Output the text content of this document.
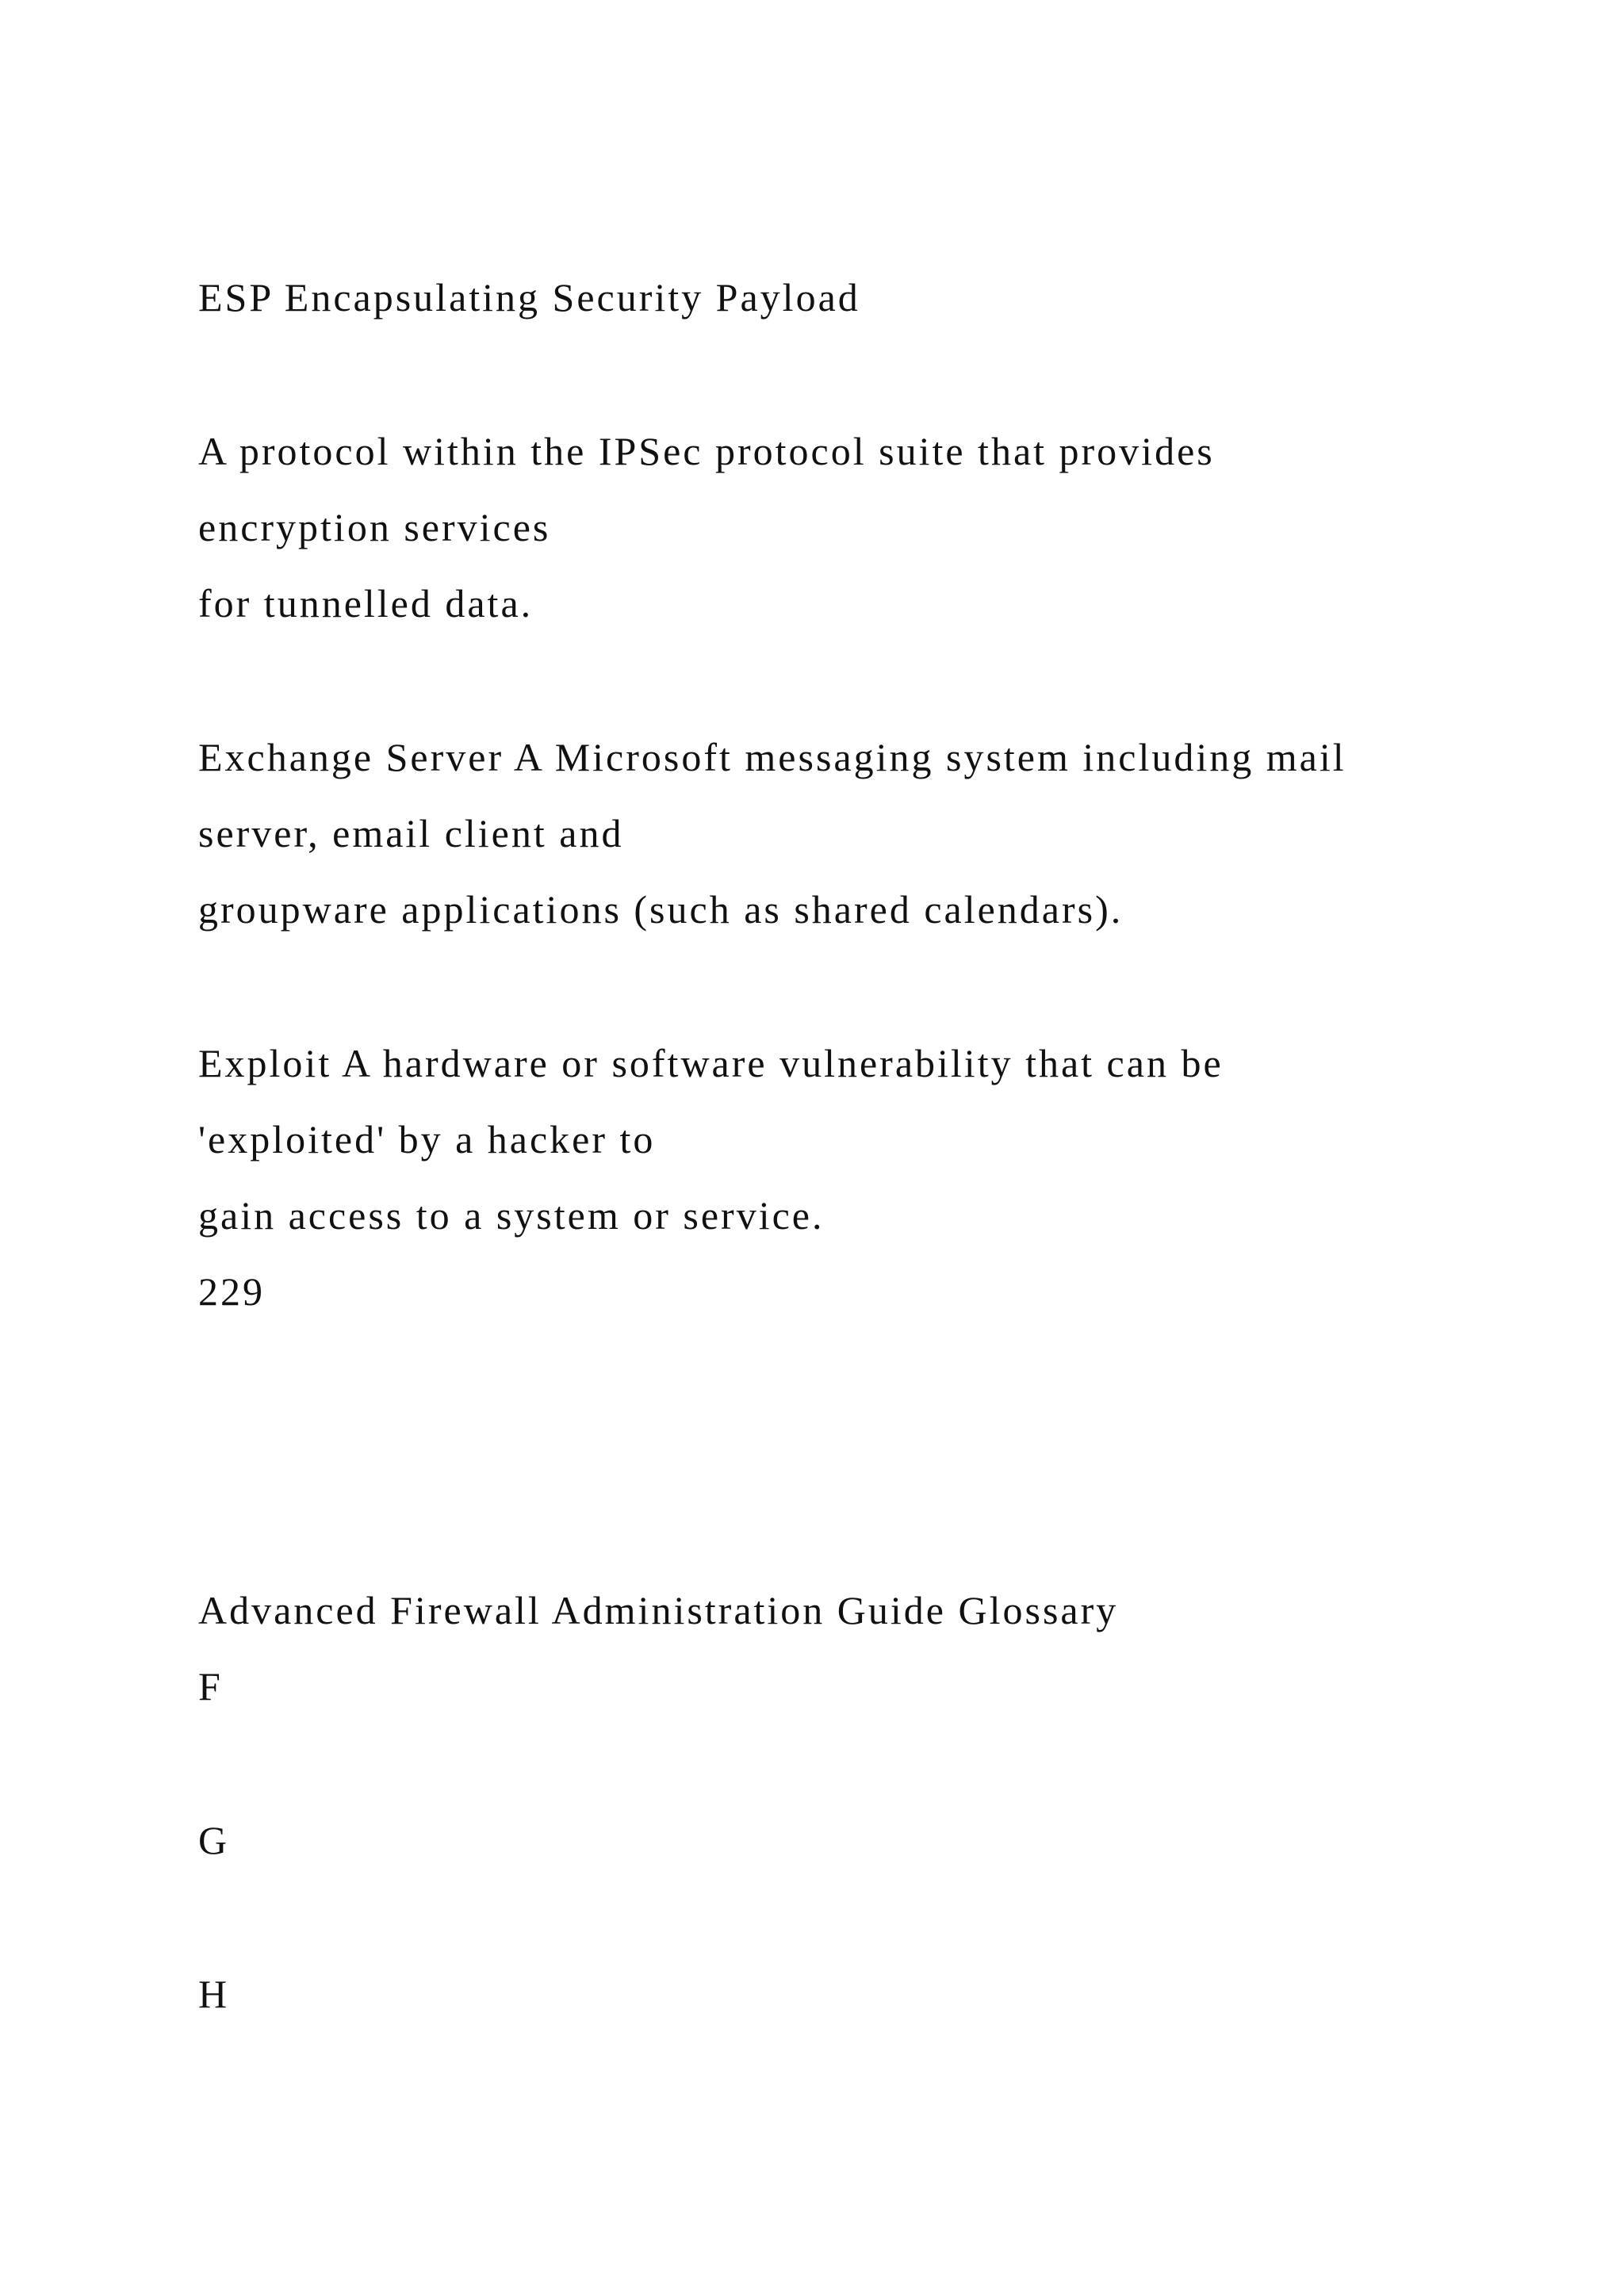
ESP Encapsulating Security Payload
A protocol within the IPSec protocol suite that provides
encryption services
for tunnelled data.
Exchange Server A Microsoft messaging system including mail
server, email client and
groupware applications (such as shared calendars).
Exploit A hardware or software vulnerability that can be
'exploited' by a hacker to
gain access to a system or service.
229
Advanced Firewall Administration Guide Glossary
F
G
H
